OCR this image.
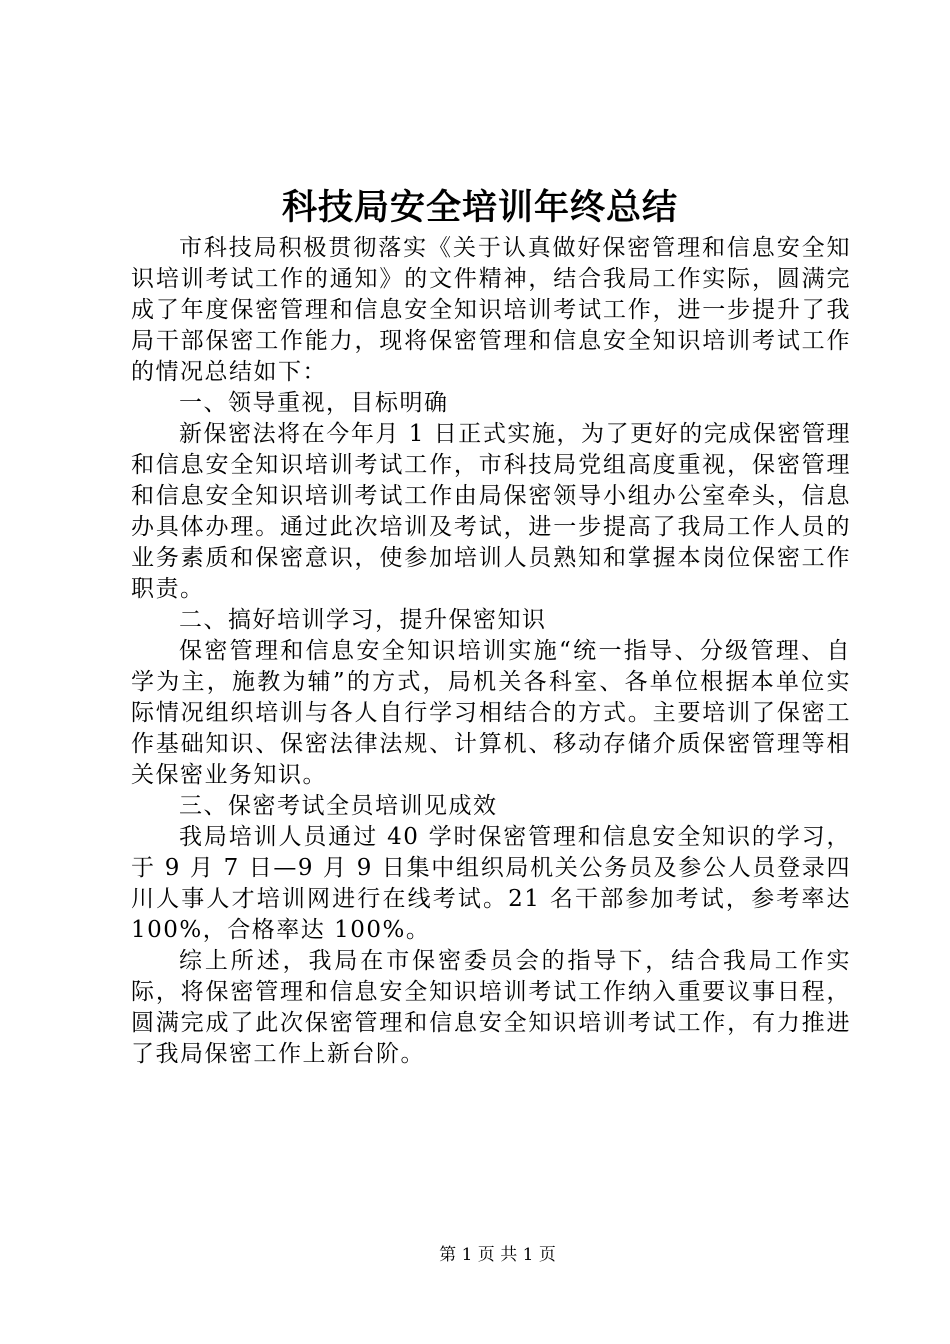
科技局安全培训年终总结

市科技局积极贯彻落实《关于认真做好保密管理和信息安全知识培训考试工作的通知》的文件精神，结合我局工作实际，圆满完成了年度保密管理和信息安全知识培训考试工作，进一步提升了我局干部保密工作能力，现将保密管理和信息安全知识培训考试工作的情况总结如下：

一、领导重视，目标明确

新保密法将在今年月 1 日正式实施，为了更好的完成保密管理和信息安全知识培训考试工作，市科技局党组高度重视，保密管理和信息安全知识培训考试工作由局保密领导小组办公室牵头，信息办具体办理。通过此次培训及考试，进一步提高了我局工作人员的业务素质和保密意识，使参加培训人员熟知和掌握本岗位保密工作职责。

二、搞好培训学习，提升保密知识

保密管理和信息安全知识培训实施“统一指导、分级管理、自学为主，施教为辅”的方式，局机关各科室、各单位根据本单位实际情况组织培训与各人自行学习相结合的方式。主要培训了保密工作基础知识、保密法律法规、计算机、移动存储介质保密管理等相关保密业务知识。

三、保密考试全员培训见成效

我局培训人员通过 40 学时保密管理和信息安全知识的学习，于 9 月 7 日—9 月 9 日集中组织局机关公务员及参公人员登录四川人事人才培训网进行在线考试。21 名干部参加考试，参考率达 100%，合格率达 100%。

综上所述，我局在市保密委员会的指导下，结合我局工作实际，将保密管理和信息安全知识培训考试工作纳入重要议事日程，圆满完成了此次保密管理和信息安全知识培训考试工作，有力推进了我局保密工作上新台阶。

第 1 页 共 1 页
